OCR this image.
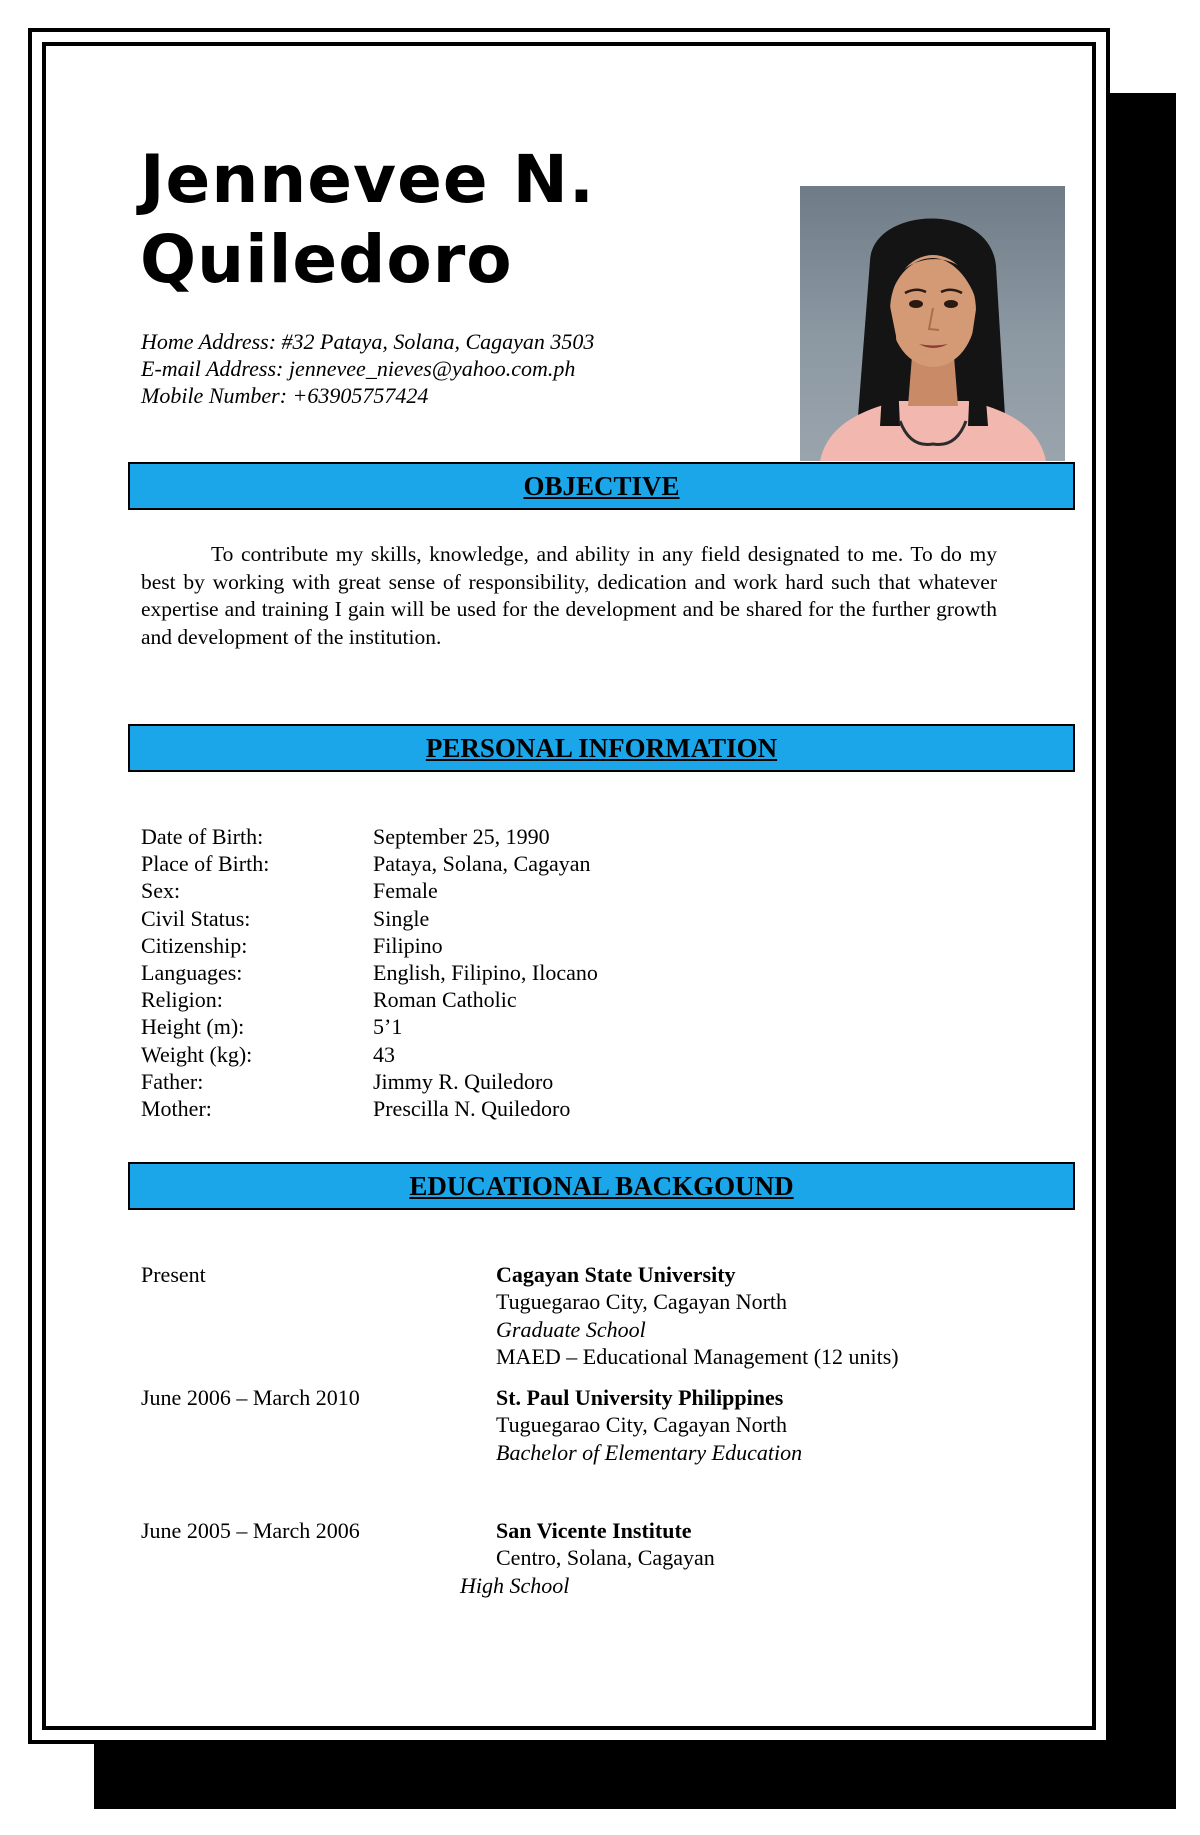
Jennevee N.
Quiledoro
Home Address: #32 Pataya, Solana, Cagayan 3503
E-mail Address: jennevee_nieves@yahoo.com.ph
Mobile Number: +63905757424
OBJECTIVE

To contribute my skills, knowledge, and ability in any field designated to me. To do my best by working with great sense of responsibility, dedication and work hard such that whatever expertise and training I gain will be used for the development and be shared for the further growth and development of the institution.

PERSONAL INFORMATION
Date of Birth:	September 25, 1990
Place of Birth:	Pataya, Solana, Cagayan
Sex:	Female
Civil Status:	Single
Citizenship:	Filipino
Languages:	English, Filipino, Ilocano
Religion:	Roman Catholic
Height (m):	5’1
Weight (kg):	43
Father:	Jimmy R. Quiledoro
Mother:	Prescilla N. Quiledoro
EDUCATIONAL BACKGOUND
Present	Cagayan State University
Tuguegarao City, Cagayan North
Graduate School
MAED – Educational Management (12 units)
June 2006 – March 2010	St. Paul University Philippines
Tuguegarao City, Cagayan North
Bachelor of Elementary Education
June 2005 – March 2006	San Vicente Institute
Centro, Solana, Cagayan
High School
